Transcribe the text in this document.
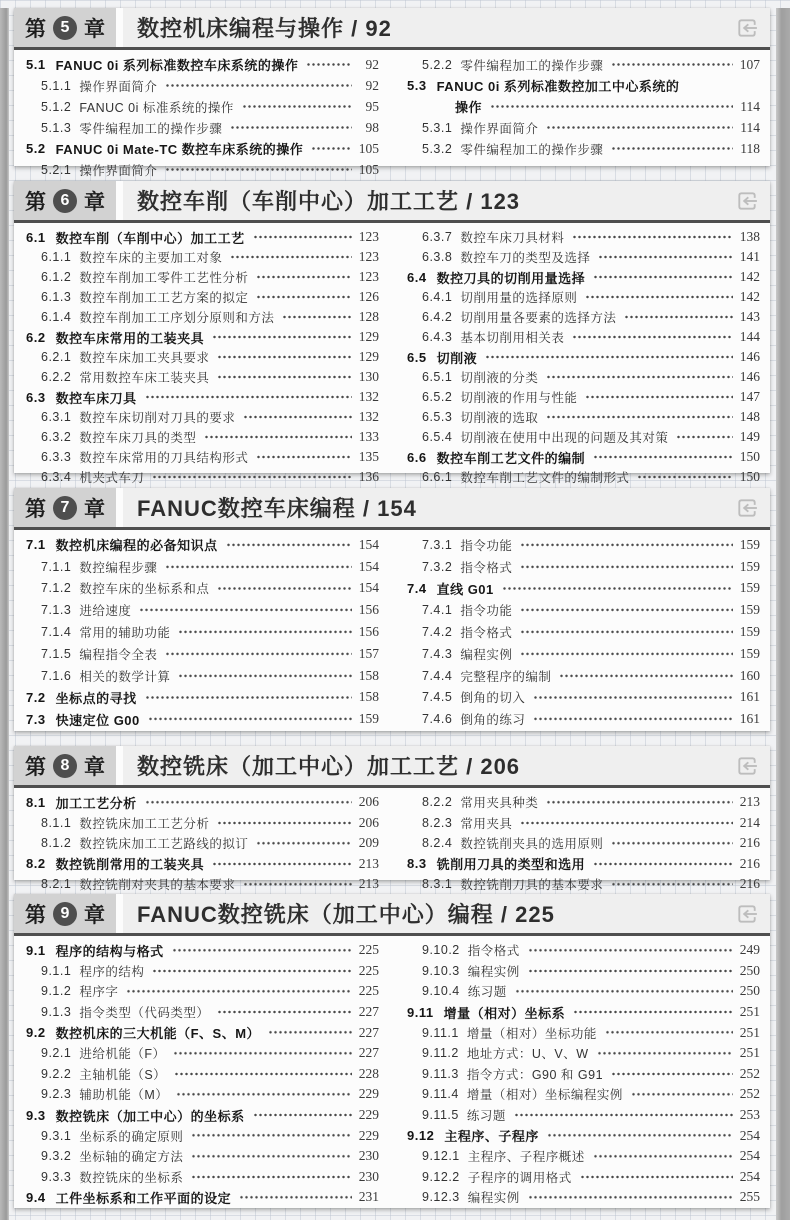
第 5 章 数控机床编程与操作 / 92
5.1 FANUC 0i 系列标准数控车床系统的操作	92
5.1.1 操作界面简介	92
5.1.2 FANUC 0i 标准系统的操作	95
5.1.3 零件编程加工的操作步骤	98
5.2 FANUC 0i Mate-TC 数控车床系统的操作	105
5.2.1 操作界面简介	105
5.2.2 零件编程加工的操作步骤	107
5.3 FANUC 0i 系列标准数控加工中心系统的
操作	114
5.3.1 操作界面简介	114
5.3.2 零件编程加工的操作步骤	118
第 6 章 数控车削（车削中心）加工工艺 / 123
6.1 数控车削（车削中心）加工工艺	123
6.1.1 数控车床的主要加工对象	123
6.1.2 数控车削加工零件工艺性分析	123
6.1.3 数控车削加工工艺方案的拟定	126
6.1.4 数控车削加工工序划分原则和方法	128
6.2 数控车床常用的工装夹具	129
6.2.1 数控车床加工夹具要求	129
6.2.2 常用数控车床工装夹具	130
6.3 数控车床刀具	132
6.3.1 数控车床切削对刀具的要求	132
6.3.2 数控车床刀具的类型	133
6.3.3 数控车床常用的刀具结构形式	135
6.3.4 机夹式车刀	136
6.3.7 数控车床刀具材料	138
6.3.8 数控车刀的类型及选择	141
6.4 数控刀具的切削用量选择	142
6.4.1 切削用量的选择原则	142
6.4.2 切削用量各要素的选择方法	143
6.4.3 基本切削用相关表	144
6.5 切削液	146
6.5.1 切削液的分类	146
6.5.2 切削液的作用与性能	147
6.5.3 切削液的选取	148
6.5.4 切削液在使用中出现的问题及其对策	149
6.6 数控车削工艺文件的编制	150
6.6.1 数控车削工艺文件的编制形式	150
第 7 章 FANUC数控车床编程 / 154
7.1 数控机床编程的必备知识点	154
7.1.1 数控编程步骤	154
7.1.2 数控车床的坐标系和点	154
7.1.3 进给速度	156
7.1.4 常用的辅助功能	156
7.1.5 编程指令全表	157
7.1.6 相关的数学计算	158
7.2 坐标点的寻找	158
7.3 快速定位 G00	159
7.3.1 指令功能	159
7.3.2 指令格式	159
7.4 直线 G01	159
7.4.1 指令功能	159
7.4.2 指令格式	159
7.4.3 编程实例	159
7.4.4 完整程序的编制	160
7.4.5 倒角的切入	161
7.4.6 倒角的练习	161
第 8 章 数控铣床（加工中心）加工工艺 / 206
8.1 加工工艺分析	206
8.1.1 数控铣床加工工艺分析	206
8.1.2 数控铣床加工工艺路线的拟订	209
8.2 数控铣削常用的工装夹具	213
8.2.1 数控铣削对夹具的基本要求	213
8.2.2 常用夹具种类	213
8.2.3 常用夹具	214
8.2.4 数控铣削夹具的选用原则	216
8.3 铣削用刀具的类型和选用	216
8.3.1 数控铣削刀具的基本要求	216
第 9 章 FANUC数控铣床（加工中心）编程 / 225
9.1 程序的结构与格式	225
9.1.1 程序的结构	225
9.1.2 程序字	225
9.1.3 指令类型（代码类型）	227
9.2 数控机床的三大机能（F、S、M）	227
9.2.1 进给机能（F）	227
9.2.2 主轴机能（S）	228
9.2.3 辅助机能（M）	229
9.3 数控铣床（加工中心）的坐标系	229
9.3.1 坐标系的确定原则	229
9.3.2 坐标轴的确定方法	230
9.3.3 数控铣床的坐标系	230
9.4 工件坐标系和工作平面的设定	231
9.10.2 指令格式	249
9.10.3 编程实例	250
9.10.4 练习题	250
9.11 增量（相对）坐标系	251
9.11.1 增量（相对）坐标功能	251
9.11.2 地址方式：U、V、W	251
9.11.3 指令方式：G90 和 G91	252
9.11.4 增量（相对）坐标编程实例	252
9.11.5 练习题	253
9.12 主程序、子程序	254
9.12.1 主程序、子程序概述	254
9.12.2 子程序的调用格式	254
9.12.3 编程实例	255
